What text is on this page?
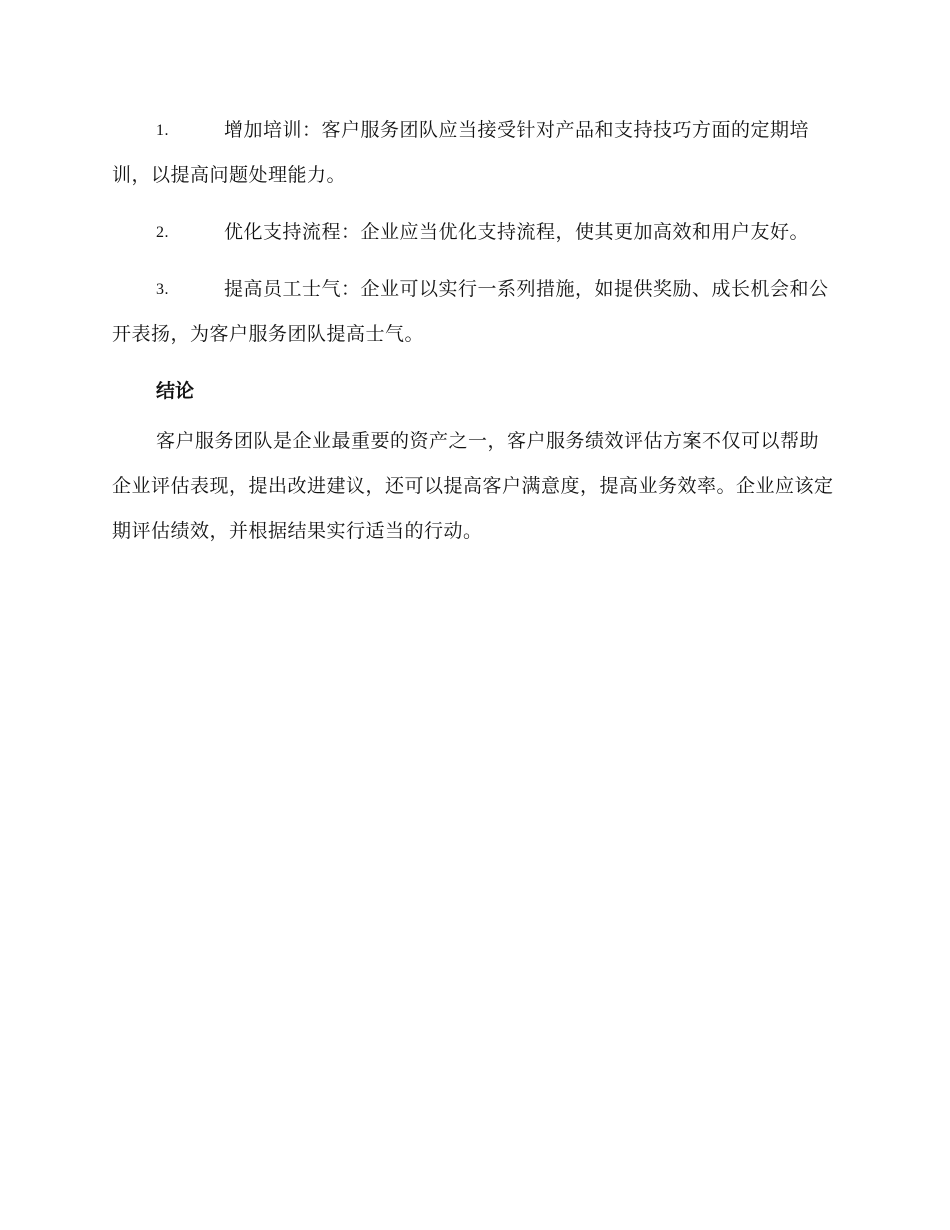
1.	增加培训：客户服务团队应当接受针对产品和支持技巧方面的定期培训，以提高问题处理能力。
2.	优化支持流程：企业应当优化支持流程，使其更加高效和用户友好。
3.	提高员工士气：企业可以实行一系列措施，如提供奖励、成长机会和公开表扬，为客户服务团队提高士气。
结论

客户服务团队是企业最重要的资产之一，客户服务绩效评估方案不仅可以帮助企业评估表现，提出改进建议，还可以提高客户满意度，提高业务效率。企业应该定期评估绩效，并根据结果实行适当的行动。
